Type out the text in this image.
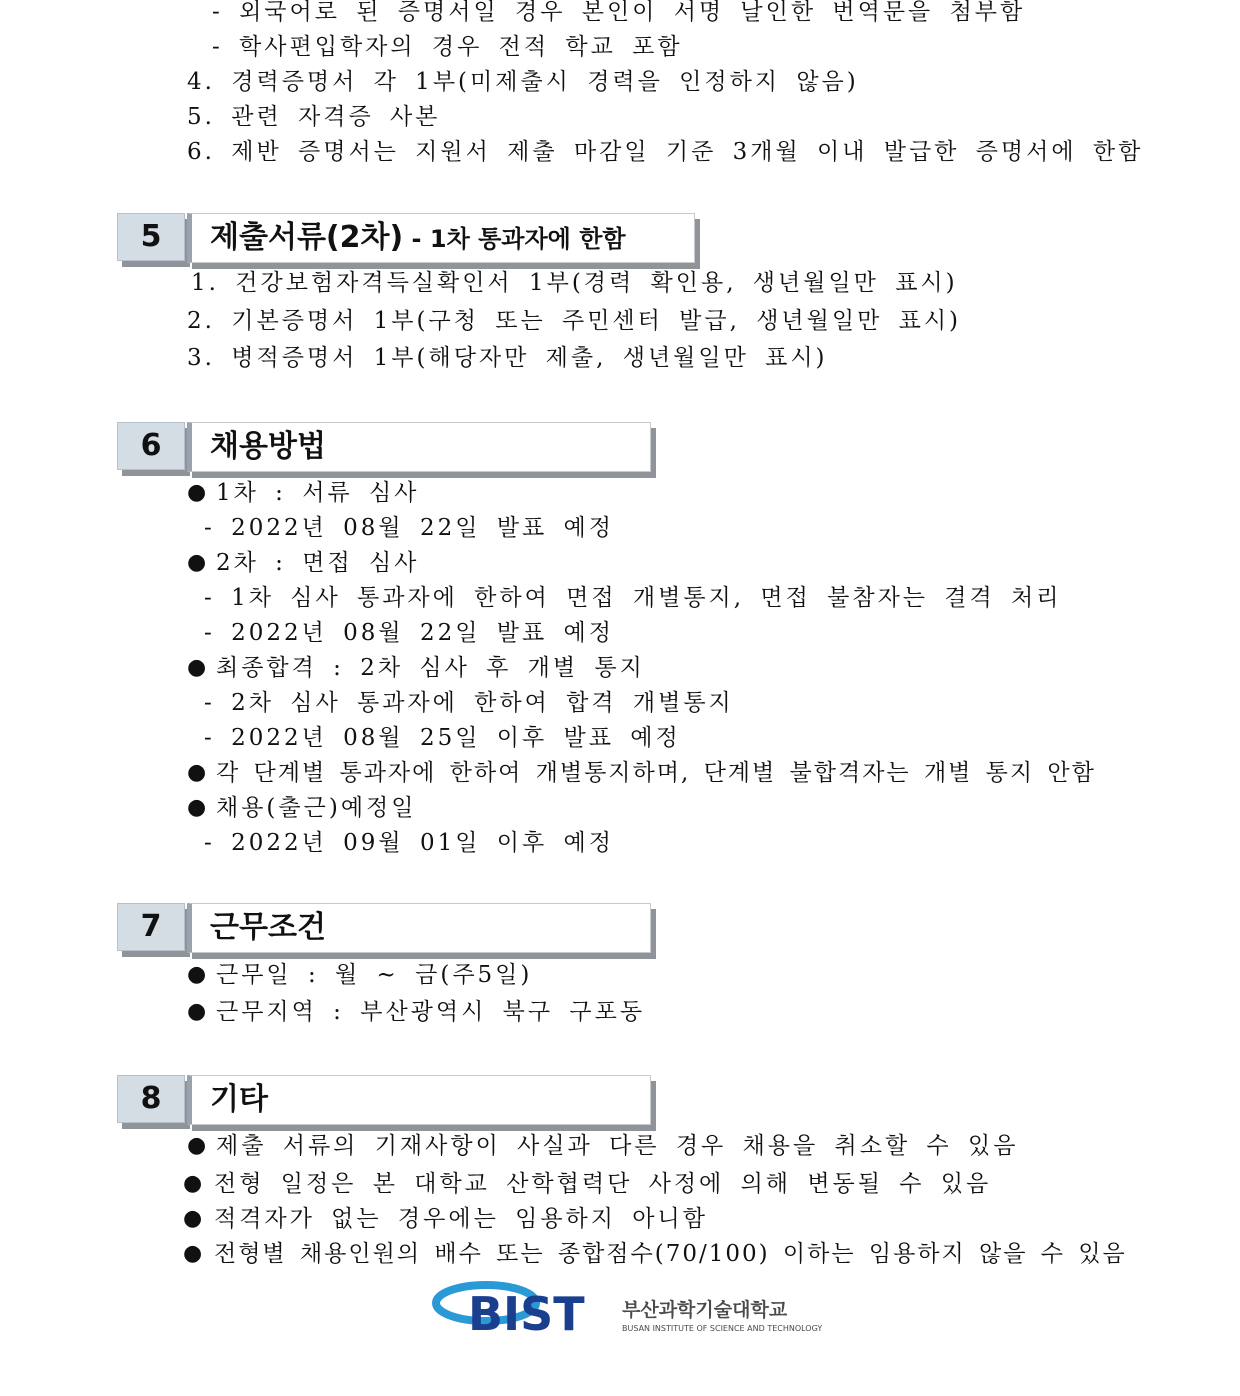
- 외국어로 된 증명서일 경우 본인이 서명 날인한 번역문을 첨부함
- 학사편입학자의 경우 전적 학교 포함
4. 경력증명서 각 1부(미제출시 경력을 인정하지 않음)
5. 관련 자격증 사본
6. 제반 증명서는 지원서 제출 마감일 기준 3개월 이내 발급한 증명서에 한함
5	제출서류(2차) - 1차 통과자에 한함
1. 건강보험자격득실확인서 1부(경력 확인용, 생년월일만 표시)
2. 기본증명서 1부(구청 또는 주민센터 발급, 생년월일만 표시)
3. 병적증명서 1부(해당자만 제출, 생년월일만 표시)
6	채용방법
● 1차 : 서류 심사
- 2022년 08월 22일 발표 예정
● 2차 : 면접 심사
- 1차 심사 통과자에 한하여 면접 개별통지, 면접 불참자는 결격 처리
- 2022년 08월 22일 발표 예정
● 최종합격 : 2차 심사 후 개별 통지
- 2차 심사 통과자에 한하여 합격 개별통지
- 2022년 08월 25일 이후 발표 예정
● 각 단계별 통과자에 한하여 개별통지하며, 단계별 불합격자는 개별 통지 안함
● 채용(출근)예정일
- 2022년 09월 01일 이후 예정
7	근무조건
● 근무일 : 월 ~ 금(주5일)
● 근무지역 : 부산광역시 북구 구포동
8	기타
● 제출 서류의 기재사항이 사실과 다른 경우 채용을 취소할 수 있음
● 전형 일정은 본 대학교 산학협력단 사정에 의해 변동될 수 있음
● 적격자가 없는 경우에는 임용하지 아니함
● 전형별 채용인원의 배수 또는 종합점수(70/100) 이하는 임용하지 않을 수 있음
BIST 부산과학기술대학교
BUSAN INSTITUTE OF SCIENCE AND TECHNOLOGY
